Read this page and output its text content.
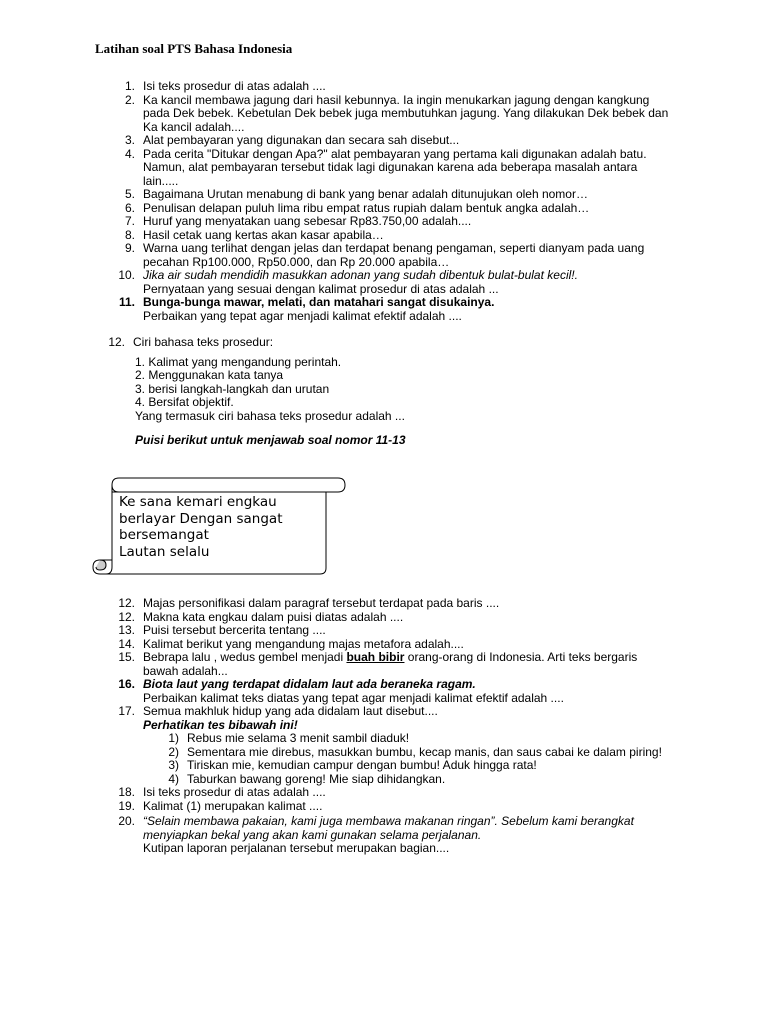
Latihan soal PTS Bahasa Indonesia
1. Isi teks prosedur di atas adalah ....
2. Ka kancil membawa jagung dari hasil kebunnya. Ia ingin menukarkan jagung dengan kangkung pada Dek bebek. Kebetulan Dek bebek juga membutuhkan jagung. Yang dilakukan Dek bebek dan Ka kancil adalah....
3. Alat pembayaran yang digunakan dan secara sah disebut...
4. Pada cerita "Ditukar dengan Apa?" alat pembayaran yang pertama kali digunakan adalah batu. Namun, alat pembayaran tersebut tidak lagi digunakan karena ada beberapa masalah antara lain.....
5. Bagaimana Urutan menabung di bank yang benar adalah ditunujukan oleh nomor…
6. Penulisan delapan puluh lima ribu empat ratus rupiah dalam bentuk angka adalah…
7. Huruf yang menyatakan uang sebesar Rp83.750,00 adalah....
8. Hasil cetak uang kertas akan kasar apabila…
9. Warna uang terlihat dengan jelas dan terdapat benang pengaman, seperti dianyam pada uang pecahan Rp100.000, Rp50.000, dan Rp 20.000 apabila…
10. Jika air sudah mendidih masukkan adonan yang sudah dibentuk bulat-bulat kecil!.
Pernyataan yang sesuai dengan kalimat prosedur di atas adalah ...
11. Bunga-bunga mawar, melati, dan matahari sangat disukainya.
Perbaikan yang tepat agar menjadi kalimat efektif adalah ....
12. Ciri bahasa teks prosedur:
1. Kalimat yang mengandung perintah.
2. Menggunakan kata tanya
3. berisi langkah-langkah dan urutan
4. Bersifat objektif.
Yang termasuk ciri bahasa teks prosedur adalah ...
Puisi berikut untuk menjawab soal nomor 11-13
Ke sana kemari engkau
berlayar Dengan sangat
bersemangat
Lautan selalu
12. Majas personifikasi dalam paragraf tersebut terdapat pada baris ....
12. Makna kata engkau dalam puisi diatas adalah ....
13. Puisi tersebut bercerita tentang ....
14. Kalimat berikut yang mengandung majas metafora adalah....
15. Bebrapa lalu , wedus gembel menjadi buah bibir orang-orang di Indonesia. Arti teks bergaris bawah adalah...
16. Biota laut yang terdapat didalam laut ada beraneka ragam.
Perbaikan kalimat teks diatas yang tepat agar menjadi kalimat efektif adalah ....
17. Semua makhluk hidup yang ada didalam laut disebut....
Perhatikan tes bibawah ini!
1) Rebus mie selama 3 menit sambil diaduk!
2) Sementara mie direbus, masukkan bumbu, kecap manis, dan saus cabai ke dalam piring!
3) Tiriskan mie, kemudian campur dengan bumbu! Aduk hingga rata!
4) Taburkan bawang goreng! Mie siap dihidangkan.
18. Isi teks prosedur di atas adalah ....
19. Kalimat (1) merupakan kalimat ....
20. “Selain membawa pakaian, kami juga membawa makanan ringan”. Sebelum kami berangkat menyiapkan bekal yang akan kami gunakan selama perjalanan.
Kutipan laporan perjalanan tersebut merupakan bagian....
